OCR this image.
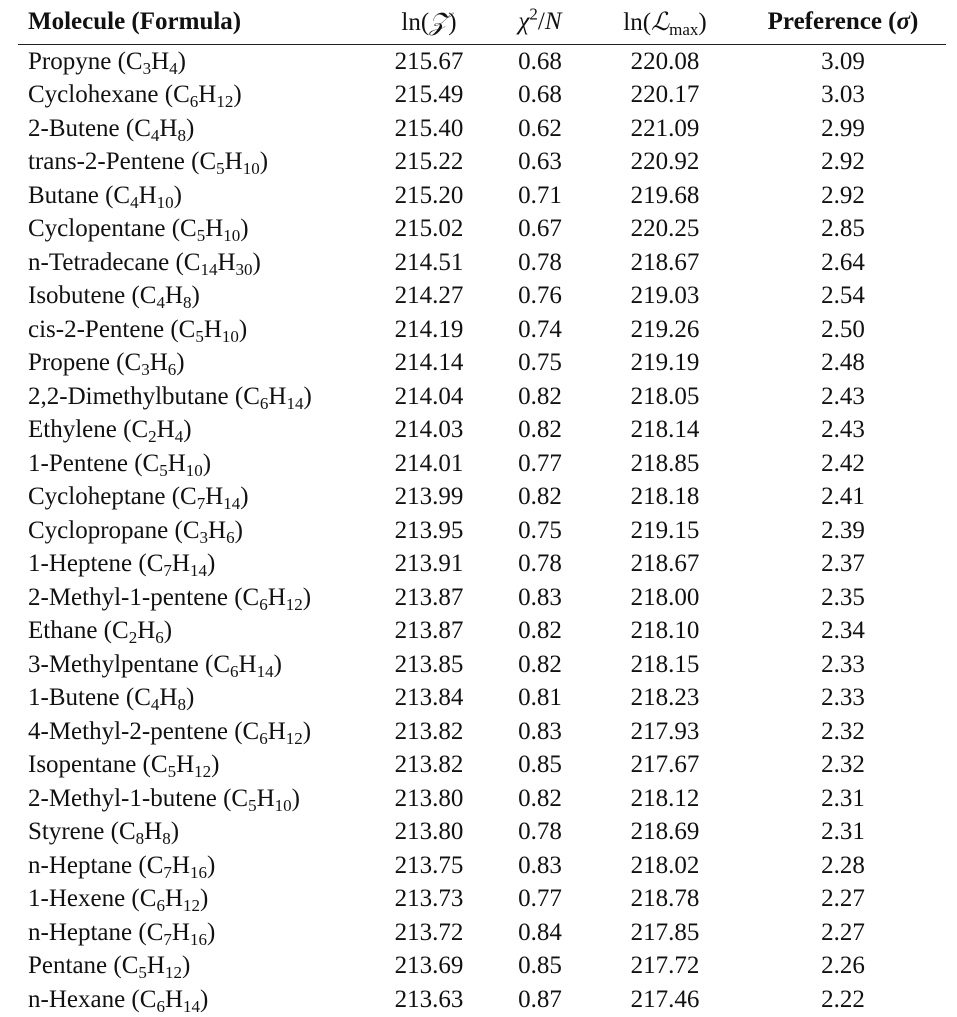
Molecule (Formula)	ln(𝒵)	$\chi^2/N$	ln(ℒ$_{max}$)	Preference (σ)
Propyne $(C_3H_4)$	215.67	0.68	220.08	3.09
Cyclohexane $(C_6H_{12})$	215.49	0.68	220.17	3.03
2-Butene $(C_4H_8)$	215.40	0.62	221.09	2.99
trans-2-Pentene $(C_5H_{10})$	215.22	0.63	220.92	2.92
Butane $(C_4H_{10})$	215.20	0.71	219.68	2.92
Cyclopentane $(C_5H_{10})$	215.02	0.67	220.25	2.85
n-Tetradecane $(C_{14}H_{30})$	214.51	0.78	218.67	2.64
Isobutene $(C_4H_8)$	214.27	0.76	219.03	2.54
cis-2-Pentene $(C_5H_{10})$	214.19	0.74	219.26	2.50
Propene $(C_3H_6)$	214.14	0.75	219.19	2.48
2,2-Dimethylbutane $(C_6H_{14})$	214.04	0.82	218.05	2.43
Ethylene $(C_2H_4)$	214.03	0.82	218.14	2.43
1-Pentene $(C_5H_{10})$	214.01	0.77	218.85	2.42
Cycloheptane $(C_7H_{14})$	213.99	0.82	218.18	2.41
Cyclopropane $(C_3H_6)$	213.95	0.75	219.15	2.39
1-Heptene $(C_7H_{14})$	213.91	0.78	218.67	2.37
2-Methyl-1-pentene $(C_6H_{12})$	213.87	0.83	218.00	2.35
Ethane $(C_2H_6)$	213.87	0.82	218.10	2.34
3-Methylpentane $(C_6H_{14})$	213.85	0.82	218.15	2.33
1-Butene $(C_4H_8)$	213.84	0.81	218.23	2.33
4-Methyl-2-pentene $(C_6H_{12})$	213.82	0.83	217.93	2.32
Isopentane $(C_5H_{12})$	213.82	0.85	217.67	2.32
2-Methyl-1-butene $(C_5H_{10})$	213.80	0.82	218.12	2.31
Styrene $(C_8H_8)$	213.80	0.78	218.69	2.31
n-Heptane $(C_7H_{16})$	213.75	0.83	218.02	2.28
1-Hexene $(C_6H_{12})$	213.73	0.77	218.78	2.27
n-Heptane $(C_7H_{16})$	213.72	0.84	217.85	2.27
Pentane $(C_5H_{12})$	213.69	0.85	217.72	2.26
n-Hexane $(C_6H_{14})$	213.63	0.87	217.46	2.22
